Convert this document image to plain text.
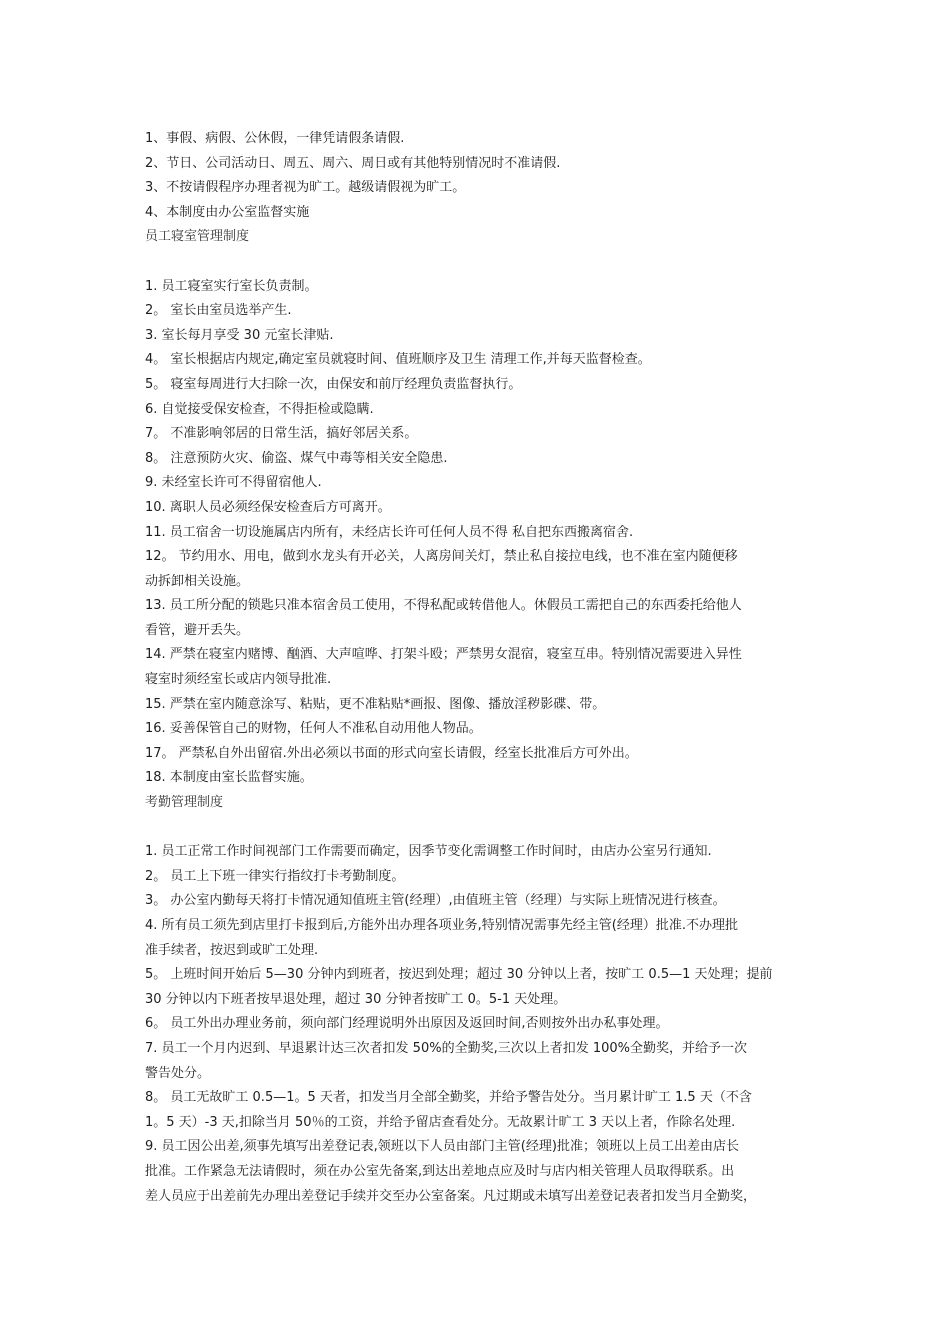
1、事假、病假、公休假，一律凭请假条请假.
2、节日、公司活动日、周五、周六、周日或有其他特别情况时不准请假.
3、不按请假程序办理者视为旷工。越级请假视为旷工。
4、本制度由办公室监督实施
员工寝室管理制度
1. 员工寝室实行室长负责制。
2。 室长由室员选举产生.
3. 室长每月享受 30 元室长津贴.
4。 室长根据店内规定,确定室员就寝时间、值班顺序及卫生 清理工作,并每天监督检查。
5。 寝室每周进行大扫除一次，由保安和前厅经理负责监督执行。
6. 自觉接受保安检查，不得拒检或隐瞒.
7。 不准影响邻居的日常生活，搞好邻居关系。
8。 注意预防火灾、偷盗、煤气中毒等相关安全隐患.
9. 未经室长许可不得留宿他人.
10. 离职人员必须经保安检查后方可离开。
11. 员工宿舍一切设施属店内所有，未经店长许可任何人员不得 私自把东西搬离宿舍.
12。 节约用水、用电，做到水龙头有开必关，人离房间关灯，禁止私自接拉电线，也不准在室内随便移
动拆卸相关设施。
13. 员工所分配的锁匙只准本宿舍员工使用，不得私配或转借他人。休假员工需把自己的东西委托给他人
看管，避开丢失。
14. 严禁在寝室内赌博、酗酒、大声喧哗、打架斗殴；严禁男女混宿，寝室互串。特别情况需要进入异性
寝室时须经室长或店内领导批准.
15. 严禁在室内随意涂写、粘贴，更不准粘贴*画报、图像、播放淫秽影碟、带。
16. 妥善保管自己的财物，任何人不准私自动用他人物品。
17。 严禁私自外出留宿.外出必须以书面的形式向室长请假，经室长批准后方可外出。
18. 本制度由室长监督实施。
考勤管理制度
1. 员工正常工作时间视部门工作需要而确定，因季节变化需调整工作时间时，由店办公室另行通知.
2。 员工上下班一律实行指纹打卡考勤制度。
3。 办公室内勤每天将打卡情况通知值班主管(经理）,由值班主管（经理）与实际上班情况进行核查。
4. 所有员工须先到店里打卡报到后,方能外出办理各项业务,特别情况需事先经主管(经理）批准.不办理批
准手续者，按迟到或旷工处理.
5。 上班时间开始后 5—30 分钟内到班者，按迟到处理；超过 30 分钟以上者，按旷工 0.5—1 天处理；提前
30 分钟以内下班者按早退处理，超过 30 分钟者按旷工 0。5-1 天处理。
6。 员工外出办理业务前，须向部门经理说明外出原因及返回时间,否则按外出办私事处理。
7. 员工一个月内迟到、早退累计达三次者扣发 50%的全勤奖,三次以上者扣发 100%全勤奖，并给予一次
警告处分。
8。 员工无故旷工 0.5—1。5 天者，扣发当月全部全勤奖，并给予警告处分。当月累计旷工 1.5 天（不含
1。5 天）-3 天,扣除当月 50％的工资，并给予留店查看处分。无故累计旷工 3 天以上者，作除名处理.
9. 员工因公出差,须事先填写出差登记表,领班以下人员由部门主管(经理)批准；领班以上员工出差由店长
批准。工作紧急无法请假时，须在办公室先备案,到达出差地点应及时与店内相关管理人员取得联系。出
差人员应于出差前先办理出差登记手续并交至办公室备案。凡过期或未填写出差登记表者扣发当月全勤奖，
